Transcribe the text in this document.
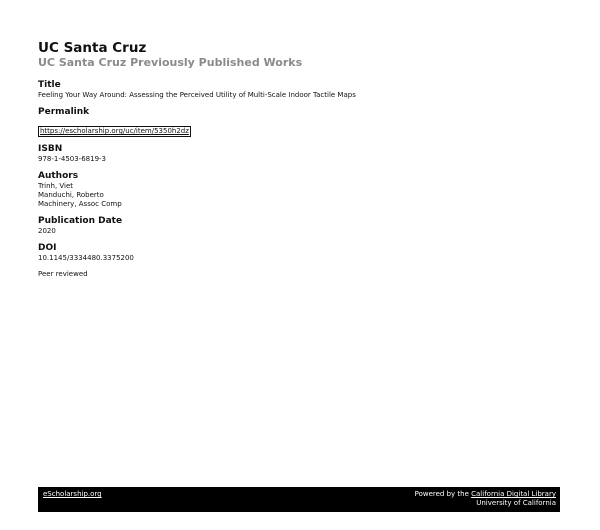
UC Santa Cruz

UC Santa Cruz Previously Published Works

Title

Feeling Your Way Around: Assessing the Perceived Utility of Multi-Scale Indoor Tactile Maps

Permalink

https://escholarship.org/uc/item/5350h2dz

ISBN

978-1-4503-6819-3

Authors

Trinh, Viet

Manduchi, Roberto

Machinery, Assoc Comp

Publication Date

2020

DOI

10.1145/3334480.3375200

Peer reviewed

eScholarship.org	Powered by the California Digital Library
University of California
